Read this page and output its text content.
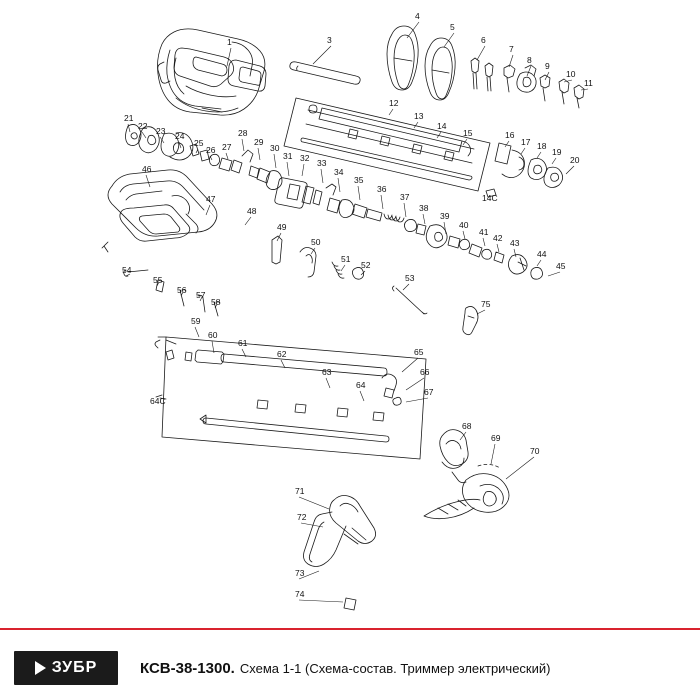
1	3
4
5
6
7
8
9
10
11
12
13
14
15	16
17 18
19
20
14С
21
22 23 24
25
26 27
28
29
30
31 32 33
34
35
36
37
38
39
40
41
42 43
44
45
46
47
48
49
50
51
52
53
54
55
56 57
58
59
60
61
62
63
64
64С
65
66
67
68
69
70
71
72
73
74
75
ЗУБР	КСВ-38-1300. Схема 1-1 (Схема-состав. Триммер электрический)
